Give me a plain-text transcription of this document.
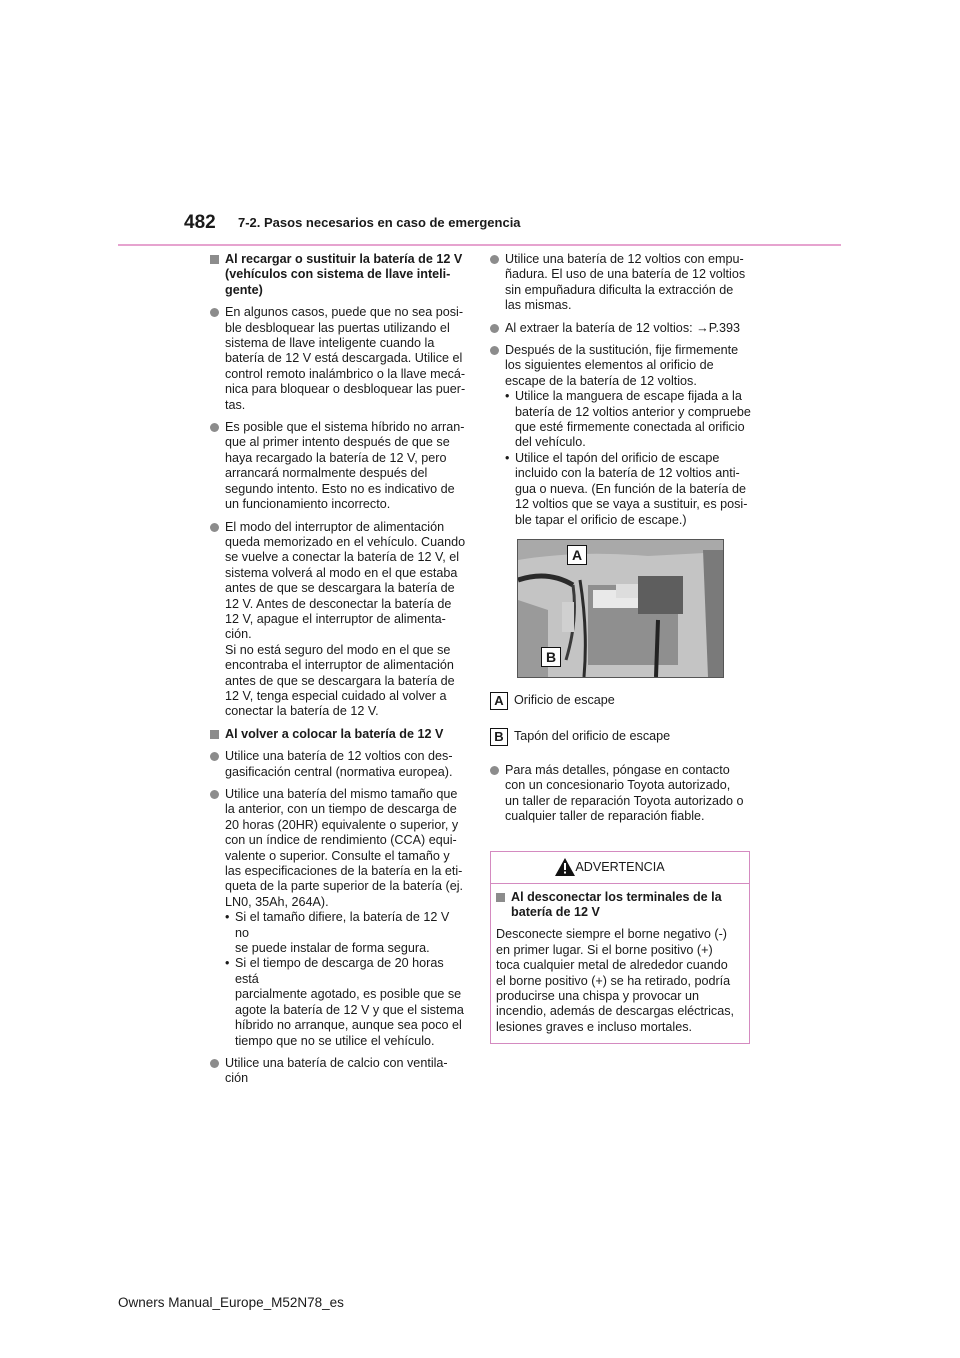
482 7-2. Pasos necesarios en caso de emergencia
Al recargar o sustituir la batería de 12 V
(vehículos con sistema de llave inteli-
gente)
En algunos casos, puede que no sea posi-
ble desbloquear las puertas utilizando el
sistema de llave inteligente cuando la
batería de 12 V está descargada. Utilice el
control remoto inalámbrico o la llave mecá-
nica para bloquear o desbloquear las puer-
tas.
Es posible que el sistema híbrido no arran-
que al primer intento después de que se
haya recargado la batería de 12 V, pero
arrancará normalmente después del
segundo intento. Esto no es indicativo de
un funcionamiento incorrecto.
El modo del interruptor de alimentación
queda memorizado en el vehículo. Cuando
se vuelve a conectar la batería de 12 V, el
sistema volverá al modo en el que estaba
antes de que se descargara la batería de
12 V. Antes de desconectar la batería de
12 V, apague el interruptor de alimenta-
ción.
Si no está seguro del modo en el que se
encontraba el interruptor de alimentación
antes de que se descargara la batería de
12 V, tenga especial cuidado al volver a
conectar la batería de 12 V.
Al volver a colocar la batería de 12 V
Utilice una batería de 12 voltios con des-
gasificación central (normativa europea).
Utilice una batería del mismo tamaño que
la anterior, con un tiempo de descarga de
20 horas (20HR) equivalente o superior, y
con un índice de rendimiento (CCA) equi-
valente o superior. Consulte el tamaño y
las especificaciones de la batería en la eti-
queta de la parte superior de la batería (ej.
LN0, 35Ah, 264A).
• Si el tamaño difiere, la batería de 12 V no
se puede instalar de forma segura.
• Si el tiempo de descarga de 20 horas está
parcialmente agotado, es posible que se
agote la batería de 12 V y que el sistema
híbrido no arranque, aunque sea poco el
tiempo que no se utilice el vehículo.
Utilice una batería de calcio con ventila-
ción
Utilice una batería de 12 voltios con empu-
ñadura. El uso de una batería de 12 voltios
sin empuñadura dificulta la extracción de
las mismas.
Al extraer la batería de 12 voltios: →P.393
Después de la sustitución, fije firmemente
los siguientes elementos al orificio de
escape de la batería de 12 voltios.
• Utilice la manguera de escape fijada a la
batería de 12 voltios anterior y compruebe
que esté firmemente conectada al orificio
del vehículo.
• Utilice el tapón del orificio de escape
incluido con la batería de 12 voltios anti-
gua o nueva. (En función de la batería de
12 voltios que se vaya a sustituir, es posi-
ble tapar el orificio de escape.)
A
B
A Orificio de escape
B Tapón del orificio de escape
Para más detalles, póngase en contacto
con un concesionario Toyota autorizado,
un taller de reparación Toyota autorizado o
cualquier taller de reparación fiable.
ADVERTENCIA
Al desconectar los terminales de la
batería de 12 V
Desconecte siempre el borne negativo (-)
en primer lugar. Si el borne positivo (+)
toca cualquier metal de alrededor cuando
el borne positivo (+) se ha retirado, podría
producirse una chispa y provocar un
incendio, además de descargas eléctricas,
lesiones graves e incluso mortales.
Owners Manual_Europe_M52N78_es
